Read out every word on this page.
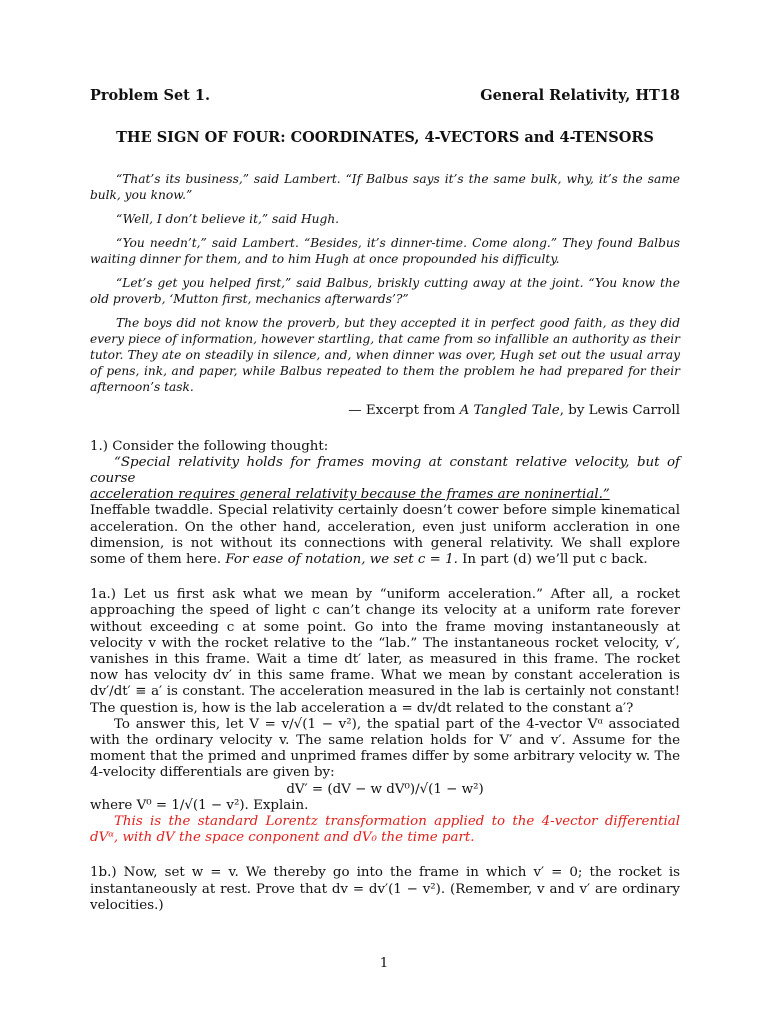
Problem Set 1.	General Relativity, HT18
THE SIGN OF FOUR: COORDINATES, 4-VECTORS and 4-TENSORS

“That’s its business,” said Lambert. “If Balbus says it’s the same bulk, why, it’s the same bulk, you know.”

“Well, I don’t believe it,” said Hugh.

“You needn’t,” said Lambert. “Besides, it’s dinner-time. Come along.” They found Balbus waiting dinner for them, and to him Hugh at once propounded his difficulty.

“Let’s get you helped first,” said Balbus, briskly cutting away at the joint. “You know the old proverb, ‘Mutton first, mechanics afterwards’?”

The boys did not know the proverb, but they accepted it in perfect good faith, as they did every piece of information, however startling, that came from so infallible an authority as their tutor. They ate on steadily in silence, and, when dinner was over, Hugh set out the usual array of pens, ink, and paper, while Balbus repeated to them the problem he had prepared for their afternoon’s task.

— Excerpt from A Tangled Tale, by Lewis Carroll

1.) Consider the following thought:

“Special relativity holds for frames moving at constant relative velocity, but of course
acceleration requires general relativity because the frames are noninertial.”

Ineffable twaddle. Special relativity certainly doesn’t cower before simple kinematical acceleration. On the other hand, acceleration, even just uniform accleration in one dimension, is not without its connections with general relativity. We shall explore some of them here. For ease of notation, we set c = 1. In part (d) we’ll put c back.

1a.) Let us first ask what we mean by “uniform acceleration.” After all, a rocket approaching the speed of light c can’t change its velocity at a uniform rate forever without exceeding c at some point. Go into the frame moving instantaneously at velocity v with the rocket relative to the “lab.” The instantaneous rocket velocity, v′, vanishes in this frame. Wait a time dt′ later, as measured in this frame. The rocket now has velocity dv′ in this same frame. What we mean by constant acceleration is dv′/dt′ ≡ a′ is constant. The acceleration measured in the lab is certainly not constant! The question is, how is the lab acceleration a = dv/dt related to the constant a′?

To answer this, let V = v/√(1 − v²), the spatial part of the 4-vector Vᵅ associated with the ordinary velocity v. The same relation holds for V′ and v′. Assume for the moment that the primed and unprimed frames differ by some arbitrary velocity w. The 4-velocity differentials are given by:

dV′ = (dV − w dV⁰)/√(1 − w²)

where V⁰ = 1/√(1 − v²). Explain.

This is the standard Lorentz transformation applied to the 4-vector differential dVᵅ, with dV the space conponent and dV₀ the time part.

1b.) Now, set w = v. We thereby go into the frame in which v′ = 0; the rocket is instantaneously at rest. Prove that dv = dv′(1 − v²). (Remember, v and v′ are ordinary velocities.)

1
